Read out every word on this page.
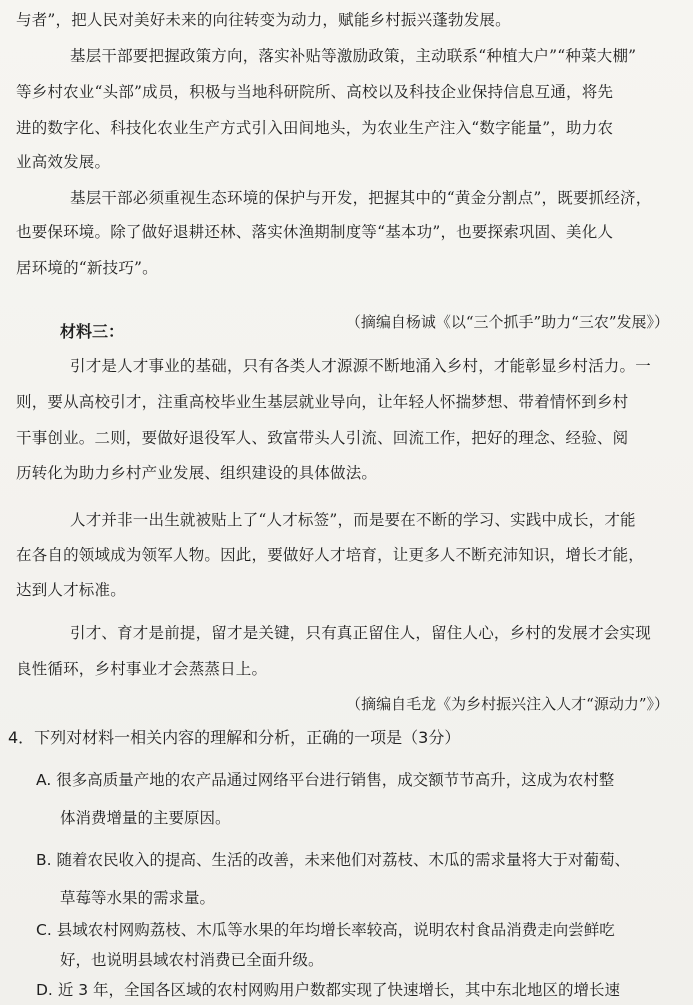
与者”，把人民对美好未来的向往转变为动力，赋能乡村振兴蓬勃发展。
基层干部要把握政策方向，落实补贴等激励政策，主动联系“种植大户”“种菜大棚”
等乡村农业“头部”成员，积极与当地科研院所、高校以及科技企业保持信息互通，将先
进的数字化、科技化农业生产方式引入田间地头，为农业生产注入“数字能量”，助力农
业高效发展。
基层干部必须重视生态环境的保护与开发，把握其中的“黄金分割点”，既要抓经济，
也要保环境。除了做好退耕还林、落实休渔期制度等“基本功”，也要探索巩固、美化人
居环境的“新技巧”。
（摘编自杨诚《以“三个抓手”助力“三农”发展》）
材料三：
引才是人才事业的基础，只有各类人才源源不断地涌入乡村，才能彰显乡村活力。一
则，要从高校引才，注重高校毕业生基层就业导向，让年轻人怀揣梦想、带着情怀到乡村
干事创业。二则，要做好退役军人、致富带头人引流、回流工作，把好的理念、经验、阅
历转化为助力乡村产业发展、组织建设的具体做法。
人才并非一出生就被贴上了“人才标签”，而是要在不断的学习、实践中成长，才能
在各自的领域成为领军人物。因此，要做好人才培育，让更多人不断充沛知识，增长才能，
达到人才标准。
引才、育才是前提，留才是关键，只有真正留住人，留住人心，乡村的发展才会实现
良性循环，乡村事业才会蒸蒸日上。
（摘编自毛龙《为乡村振兴注入人才“源动力”》）
4．下列对材料一相关内容的理解和分析，正确的一项是（3分）
A. 很多高质量产地的农产品通过网络平台进行销售，成交额节节高升，这成为农村整
体消费增量的主要原因。
B. 随着农民收入的提高、生活的改善，未来他们对荔枝、木瓜的需求量将大于对葡萄、
草莓等水果的需求量。
C. 县域农村网购荔枝、木瓜等水果的年均增长率较高，说明农村食品消费走向尝鲜吃
好，也说明县域农村消费已全面升级。
D. 近 3 年，全国各区域的农村网购用户数都实现了快速增长，其中东北地区的增长速
